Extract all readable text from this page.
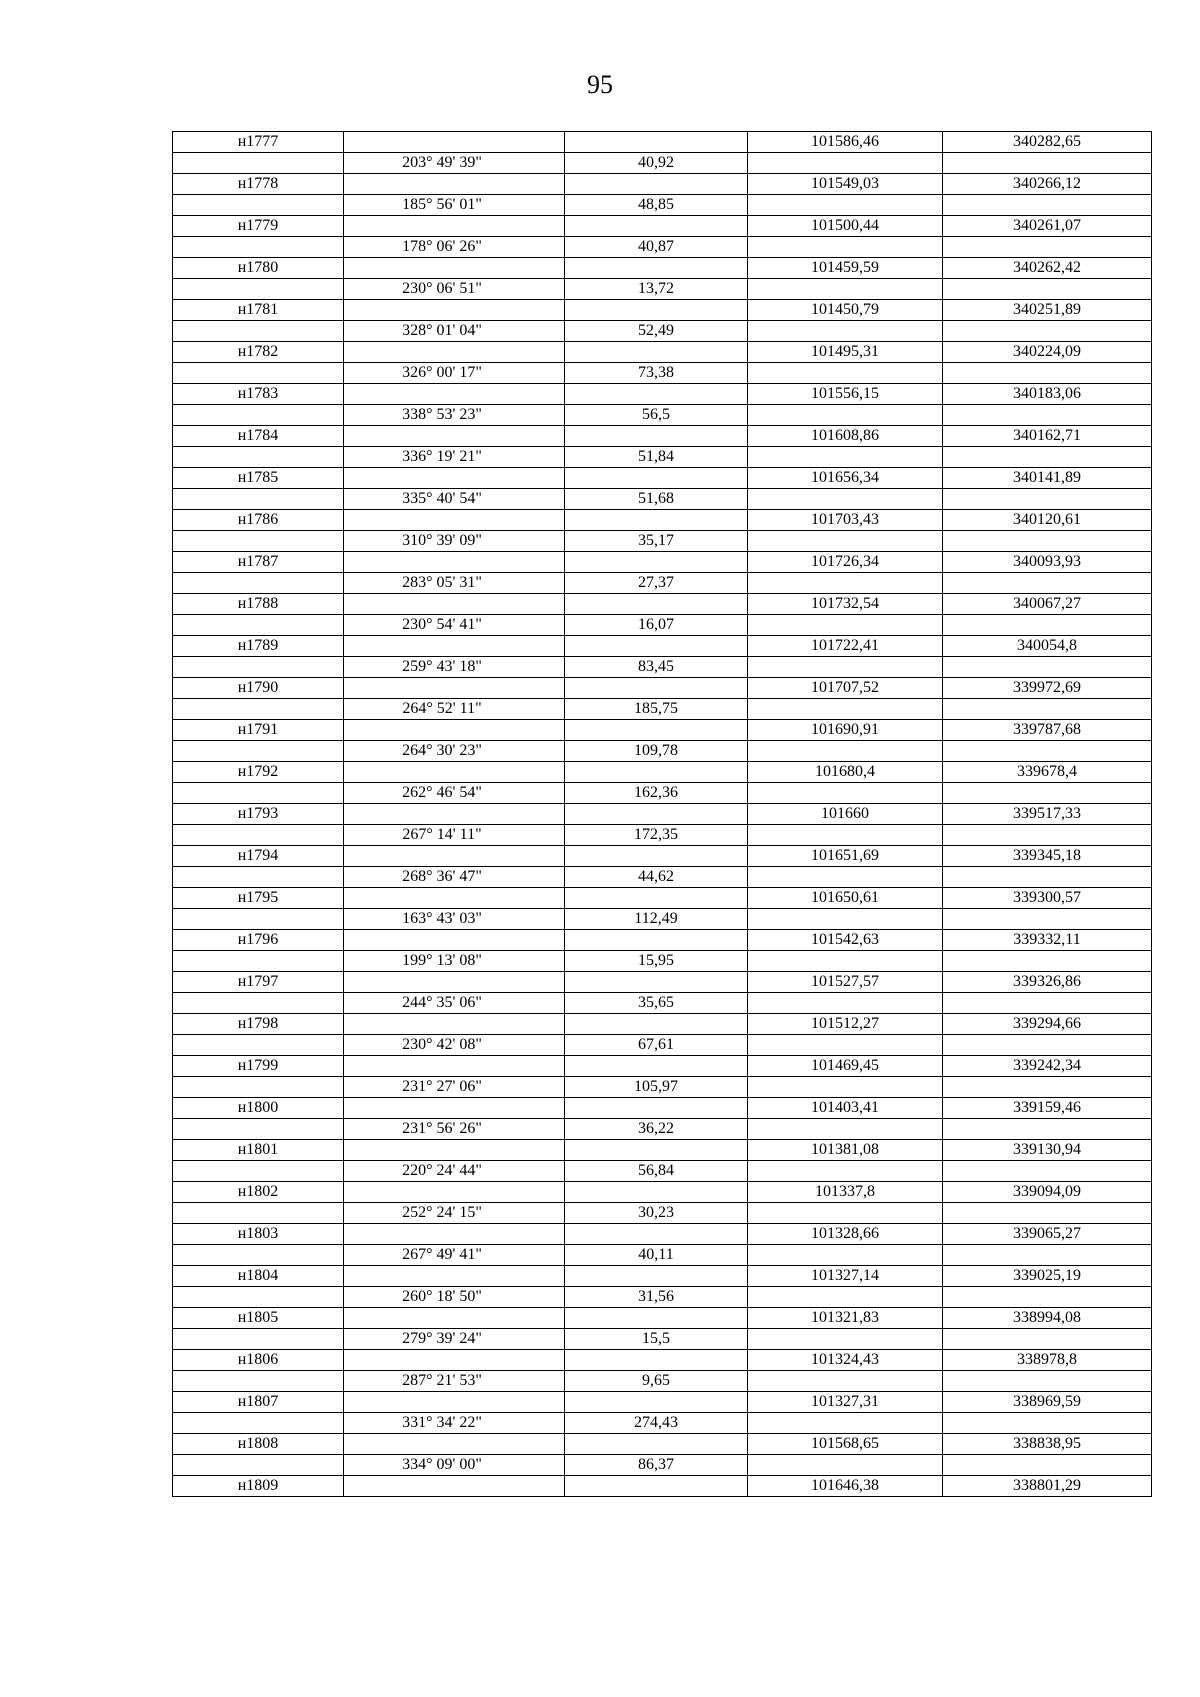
95
н1777			101586,46	340282,65
	203° 49' 39"	40,92		
н1778			101549,03	340266,12
	185° 56' 01"	48,85		
н1779			101500,44	340261,07
	178° 06' 26"	40,87		
н1780			101459,59	340262,42
	230° 06' 51"	13,72		
н1781			101450,79	340251,89
	328° 01' 04"	52,49		
н1782			101495,31	340224,09
	326° 00' 17"	73,38		
н1783			101556,15	340183,06
	338° 53' 23"	56,5		
н1784			101608,86	340162,71
	336° 19' 21"	51,84		
н1785			101656,34	340141,89
	335° 40' 54"	51,68		
н1786			101703,43	340120,61
	310° 39' 09"	35,17		
н1787			101726,34	340093,93
	283° 05' 31"	27,37		
н1788			101732,54	340067,27
	230° 54' 41"	16,07		
н1789			101722,41	340054,8
	259° 43' 18"	83,45		
н1790			101707,52	339972,69
	264° 52' 11"	185,75		
н1791			101690,91	339787,68
	264° 30' 23"	109,78		
н1792			101680,4	339678,4
	262° 46' 54"	162,36		
н1793			101660	339517,33
	267° 14' 11"	172,35		
н1794			101651,69	339345,18
	268° 36' 47"	44,62		
н1795			101650,61	339300,57
	163° 43' 03"	112,49		
н1796			101542,63	339332,11
	199° 13' 08"	15,95		
н1797			101527,57	339326,86
	244° 35' 06"	35,65		
н1798			101512,27	339294,66
	230° 42' 08"	67,61		
н1799			101469,45	339242,34
	231° 27' 06"	105,97		
н1800			101403,41	339159,46
	231° 56' 26"	36,22		
н1801			101381,08	339130,94
	220° 24' 44"	56,84		
н1802			101337,8	339094,09
	252° 24' 15"	30,23		
н1803			101328,66	339065,27
	267° 49' 41"	40,11		
н1804			101327,14	339025,19
	260° 18' 50"	31,56		
н1805			101321,83	338994,08
	279° 39' 24"	15,5		
н1806			101324,43	338978,8
	287° 21' 53"	9,65		
н1807			101327,31	338969,59
	331° 34' 22"	274,43		
н1808			101568,65	338838,95
	334° 09' 00"	86,37		
н1809			101646,38	338801,29
